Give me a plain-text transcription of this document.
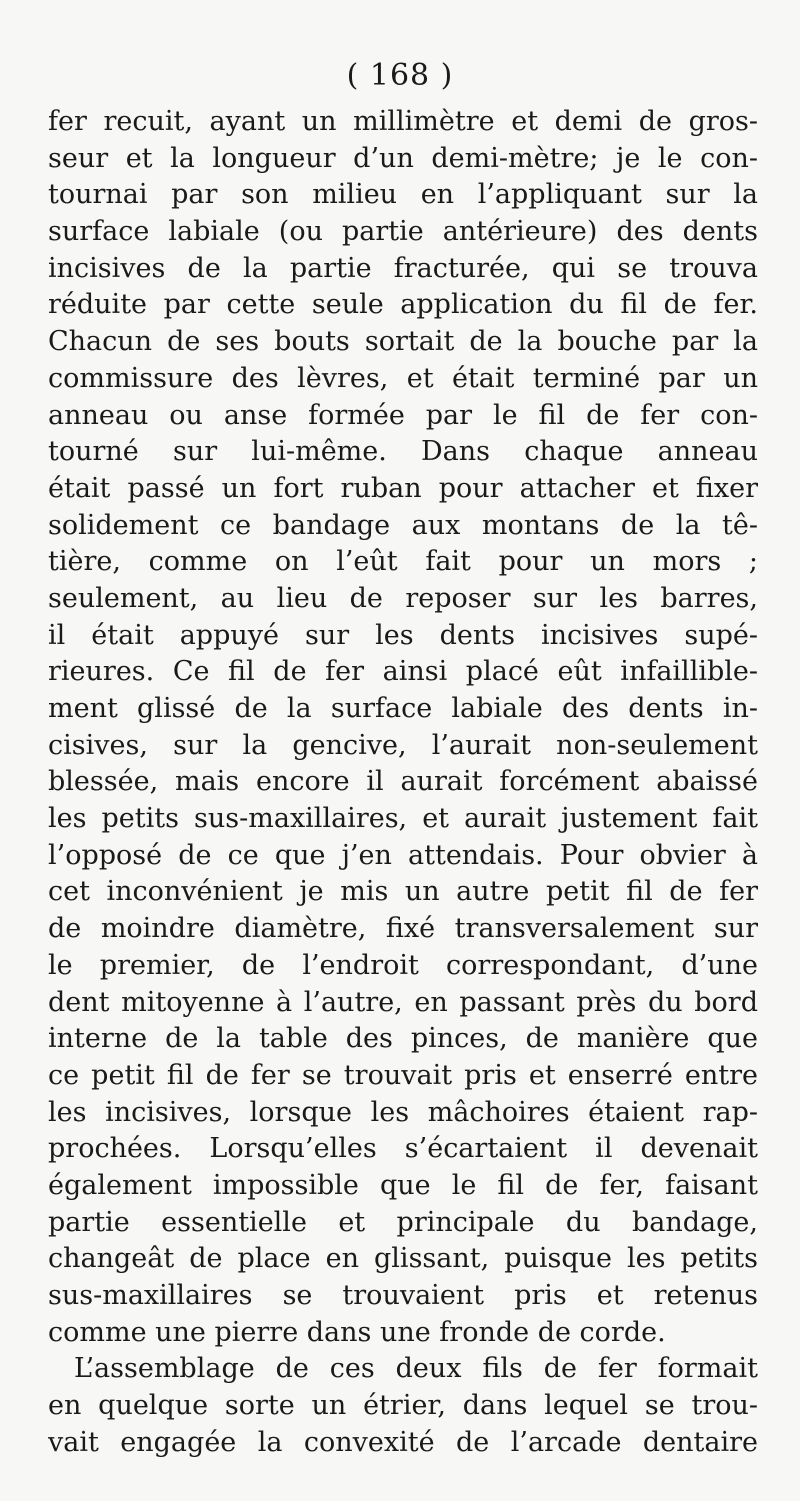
( 168 )
fer recuit, ayant un millimètre et demi de gros-
seur et la longueur d’un demi-mètre; je le con-
tournai par son milieu en l’appliquant sur la
surface labiale (ou partie antérieure) des dents
incisives de la partie fracturée, qui se trouva
réduite par cette seule application du fil de fer.
Chacun de ses bouts sortait de la bouche par la
commissure des lèvres, et était terminé par un
anneau ou anse formée par le fil de fer con-
tourné sur lui-même. Dans chaque anneau
était passé un fort ruban pour attacher et fixer
solidement ce bandage aux montans de la tê-
tière, comme on l’eût fait pour un mors ;
seulement, au lieu de reposer sur les barres,
il était appuyé sur les dents incisives supé-
rieures. Ce fil de fer ainsi placé eût infaillible-
ment glissé de la surface labiale des dents in-
cisives, sur la gencive, l’aurait non-seulement
blessée, mais encore il aurait forcément abaissé
les petits sus-maxillaires, et aurait justement fait
l’opposé de ce que j’en attendais. Pour obvier à
cet inconvénient je mis un autre petit fil de fer
de moindre diamètre, fixé transversalement sur
le premier, de l’endroit correspondant, d’une
dent mitoyenne à l’autre, en passant près du bord
interne de la table des pinces, de manière que
ce petit fil de fer se trouvait pris et enserré entre
les incisives, lorsque les mâchoires étaient rap-
prochées. Lorsqu’elles s’écartaient il devenait
également impossible que le fil de fer, faisant
partie essentielle et principale du bandage,
changeât de place en glissant, puisque les petits
sus-maxillaires se trouvaient pris et retenus
comme une pierre dans une fronde de corde.
L’assemblage de ces deux fils de fer formait
en quelque sorte un étrier, dans lequel se trou-
vait engagée la convexité de l’arcade dentaire
